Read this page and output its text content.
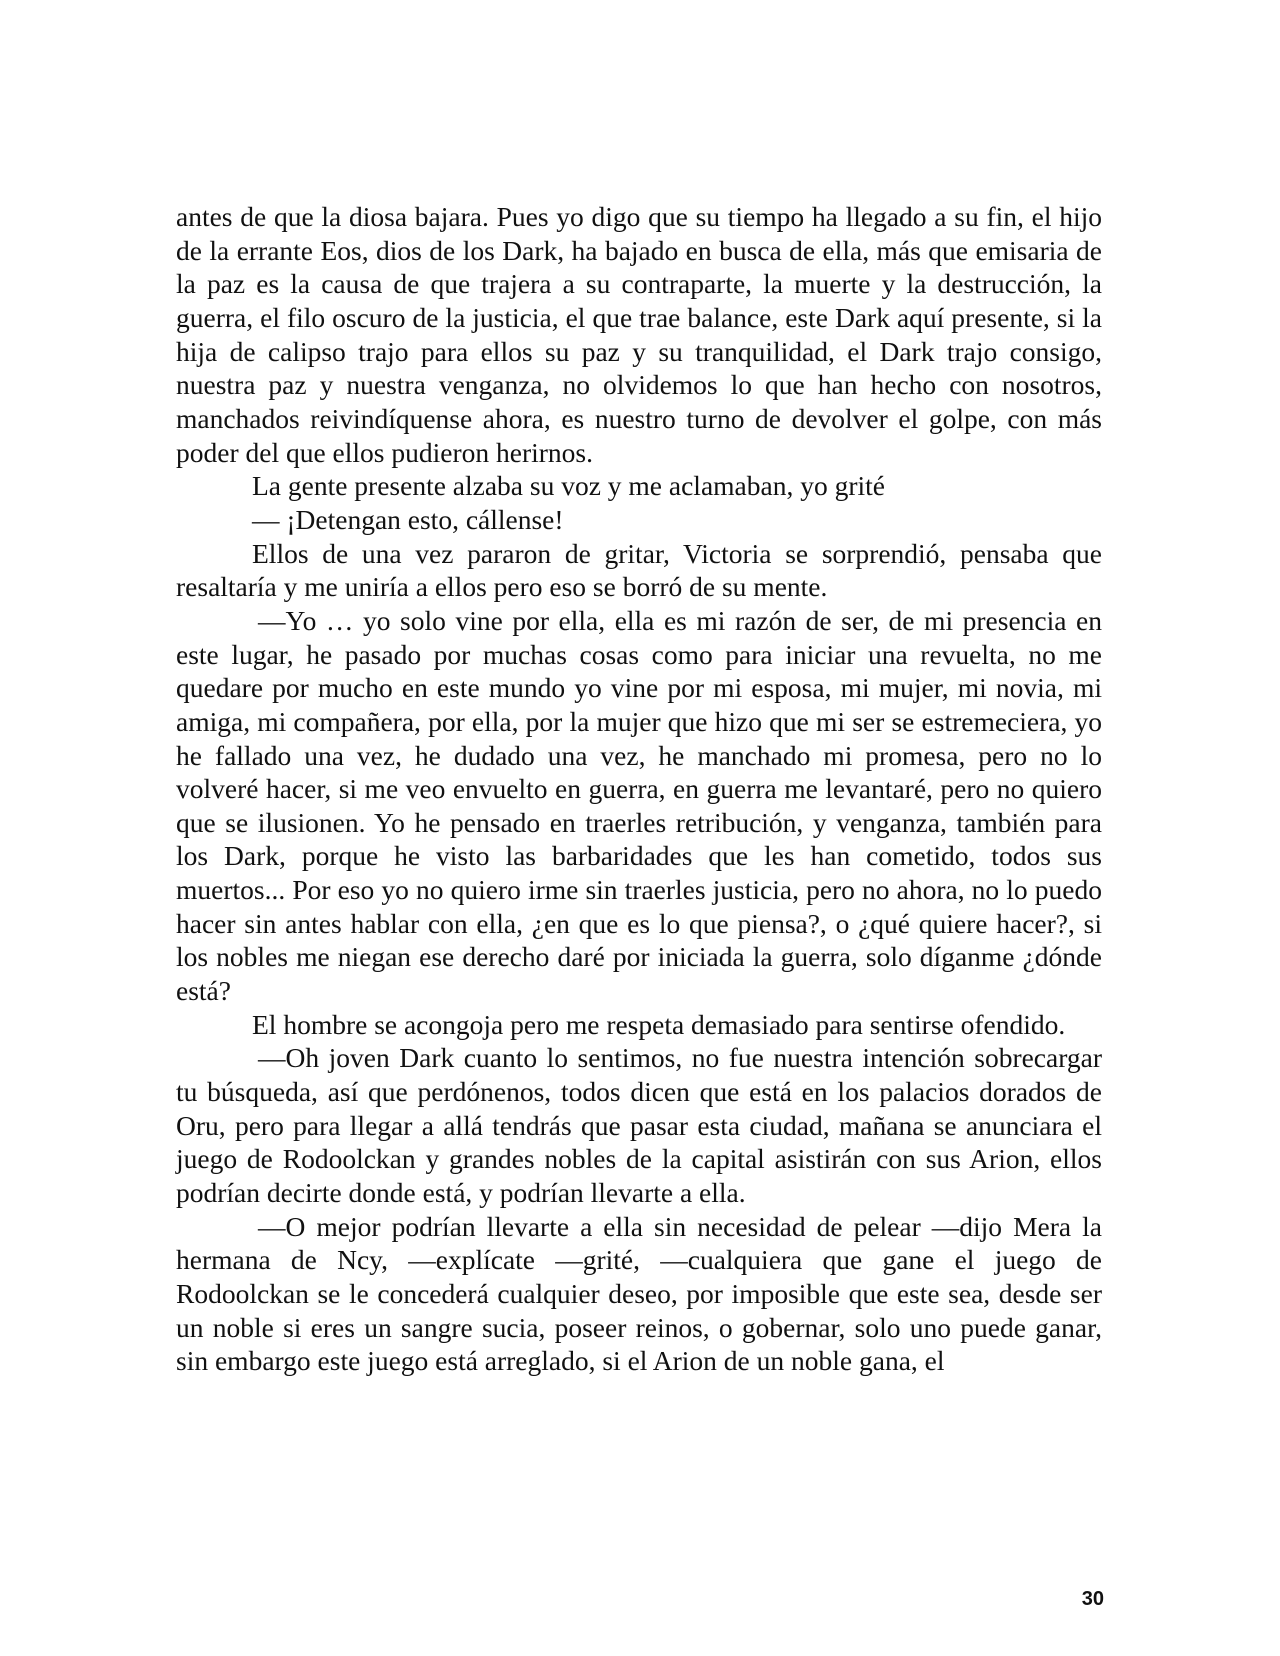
antes de que la diosa bajara. Pues yo digo que su tiempo ha llegado a su fin, el hijo de la errante Eos, dios de los Dark, ha bajado en busca de ella, más que emisaria de la paz es la causa de que trajera a su contraparte, la muerte y la destrucción, la guerra, el filo oscuro de la justicia, el que trae balance, este Dark aquí presente, si la hija de calipso trajo para ellos su paz y su tranquilidad, el Dark trajo consigo, nuestra paz y nuestra venganza, no olvidemos lo que han hecho con nosotros, manchados reivindíquense ahora, es nuestro turno de devolver el golpe, con más poder del que ellos pudieron herirnos.

La gente presente alzaba su voz y me aclamaban, yo grité

— ¡Detengan esto, cállense!

Ellos de una vez pararon de gritar, Victoria se sorprendió, pensaba que resaltaría y me uniría a ellos pero eso se borró de su mente.

—Yo … yo solo vine por ella, ella es mi razón de ser, de mi presencia en este lugar, he pasado por muchas cosas como para iniciar una revuelta, no me quedare por mucho en este mundo yo vine por mi esposa, mi mujer, mi novia, mi amiga, mi compañera, por ella, por la mujer que hizo que mi ser se estremeciera, yo he fallado una vez, he dudado una vez, he manchado mi promesa, pero no lo volveré hacer, si me veo envuelto en guerra, en guerra me levantaré, pero no quiero que se ilusionen. Yo he pensado en traerles retribución, y venganza, también para los Dark, porque he visto las barbaridades que les han cometido, todos sus muertos... Por eso yo no quiero irme sin traerles justicia, pero no ahora, no lo puedo hacer sin antes hablar con ella, ¿en que es lo que piensa?, o ¿qué quiere hacer?, si los nobles me niegan ese derecho daré por iniciada la guerra, solo díganme ¿dónde está?

El hombre se acongoja pero me respeta demasiado para sentirse ofendido.

—Oh joven Dark cuanto lo sentimos, no fue nuestra intención sobrecargar tu búsqueda, así que perdónenos, todos dicen que está en los palacios dorados de Oru, pero para llegar a allá tendrás que pasar esta ciudad, mañana se anunciara el juego de Rodoolckan y grandes nobles de la capital asistirán con sus Arion, ellos podrían decirte donde está, y podrían llevarte a ella.

—O mejor podrían llevarte a ella sin necesidad de pelear —dijo Mera la hermana de Ncy, —explícate —grité, —cualquiera que gane el juego de Rodoolckan se le concederá cualquier deseo, por imposible que este sea, desde ser un noble si eres un sangre sucia, poseer reinos, o gobernar, solo uno puede ganar, sin embargo este juego está arreglado, si el Arion de un noble gana, el

30
